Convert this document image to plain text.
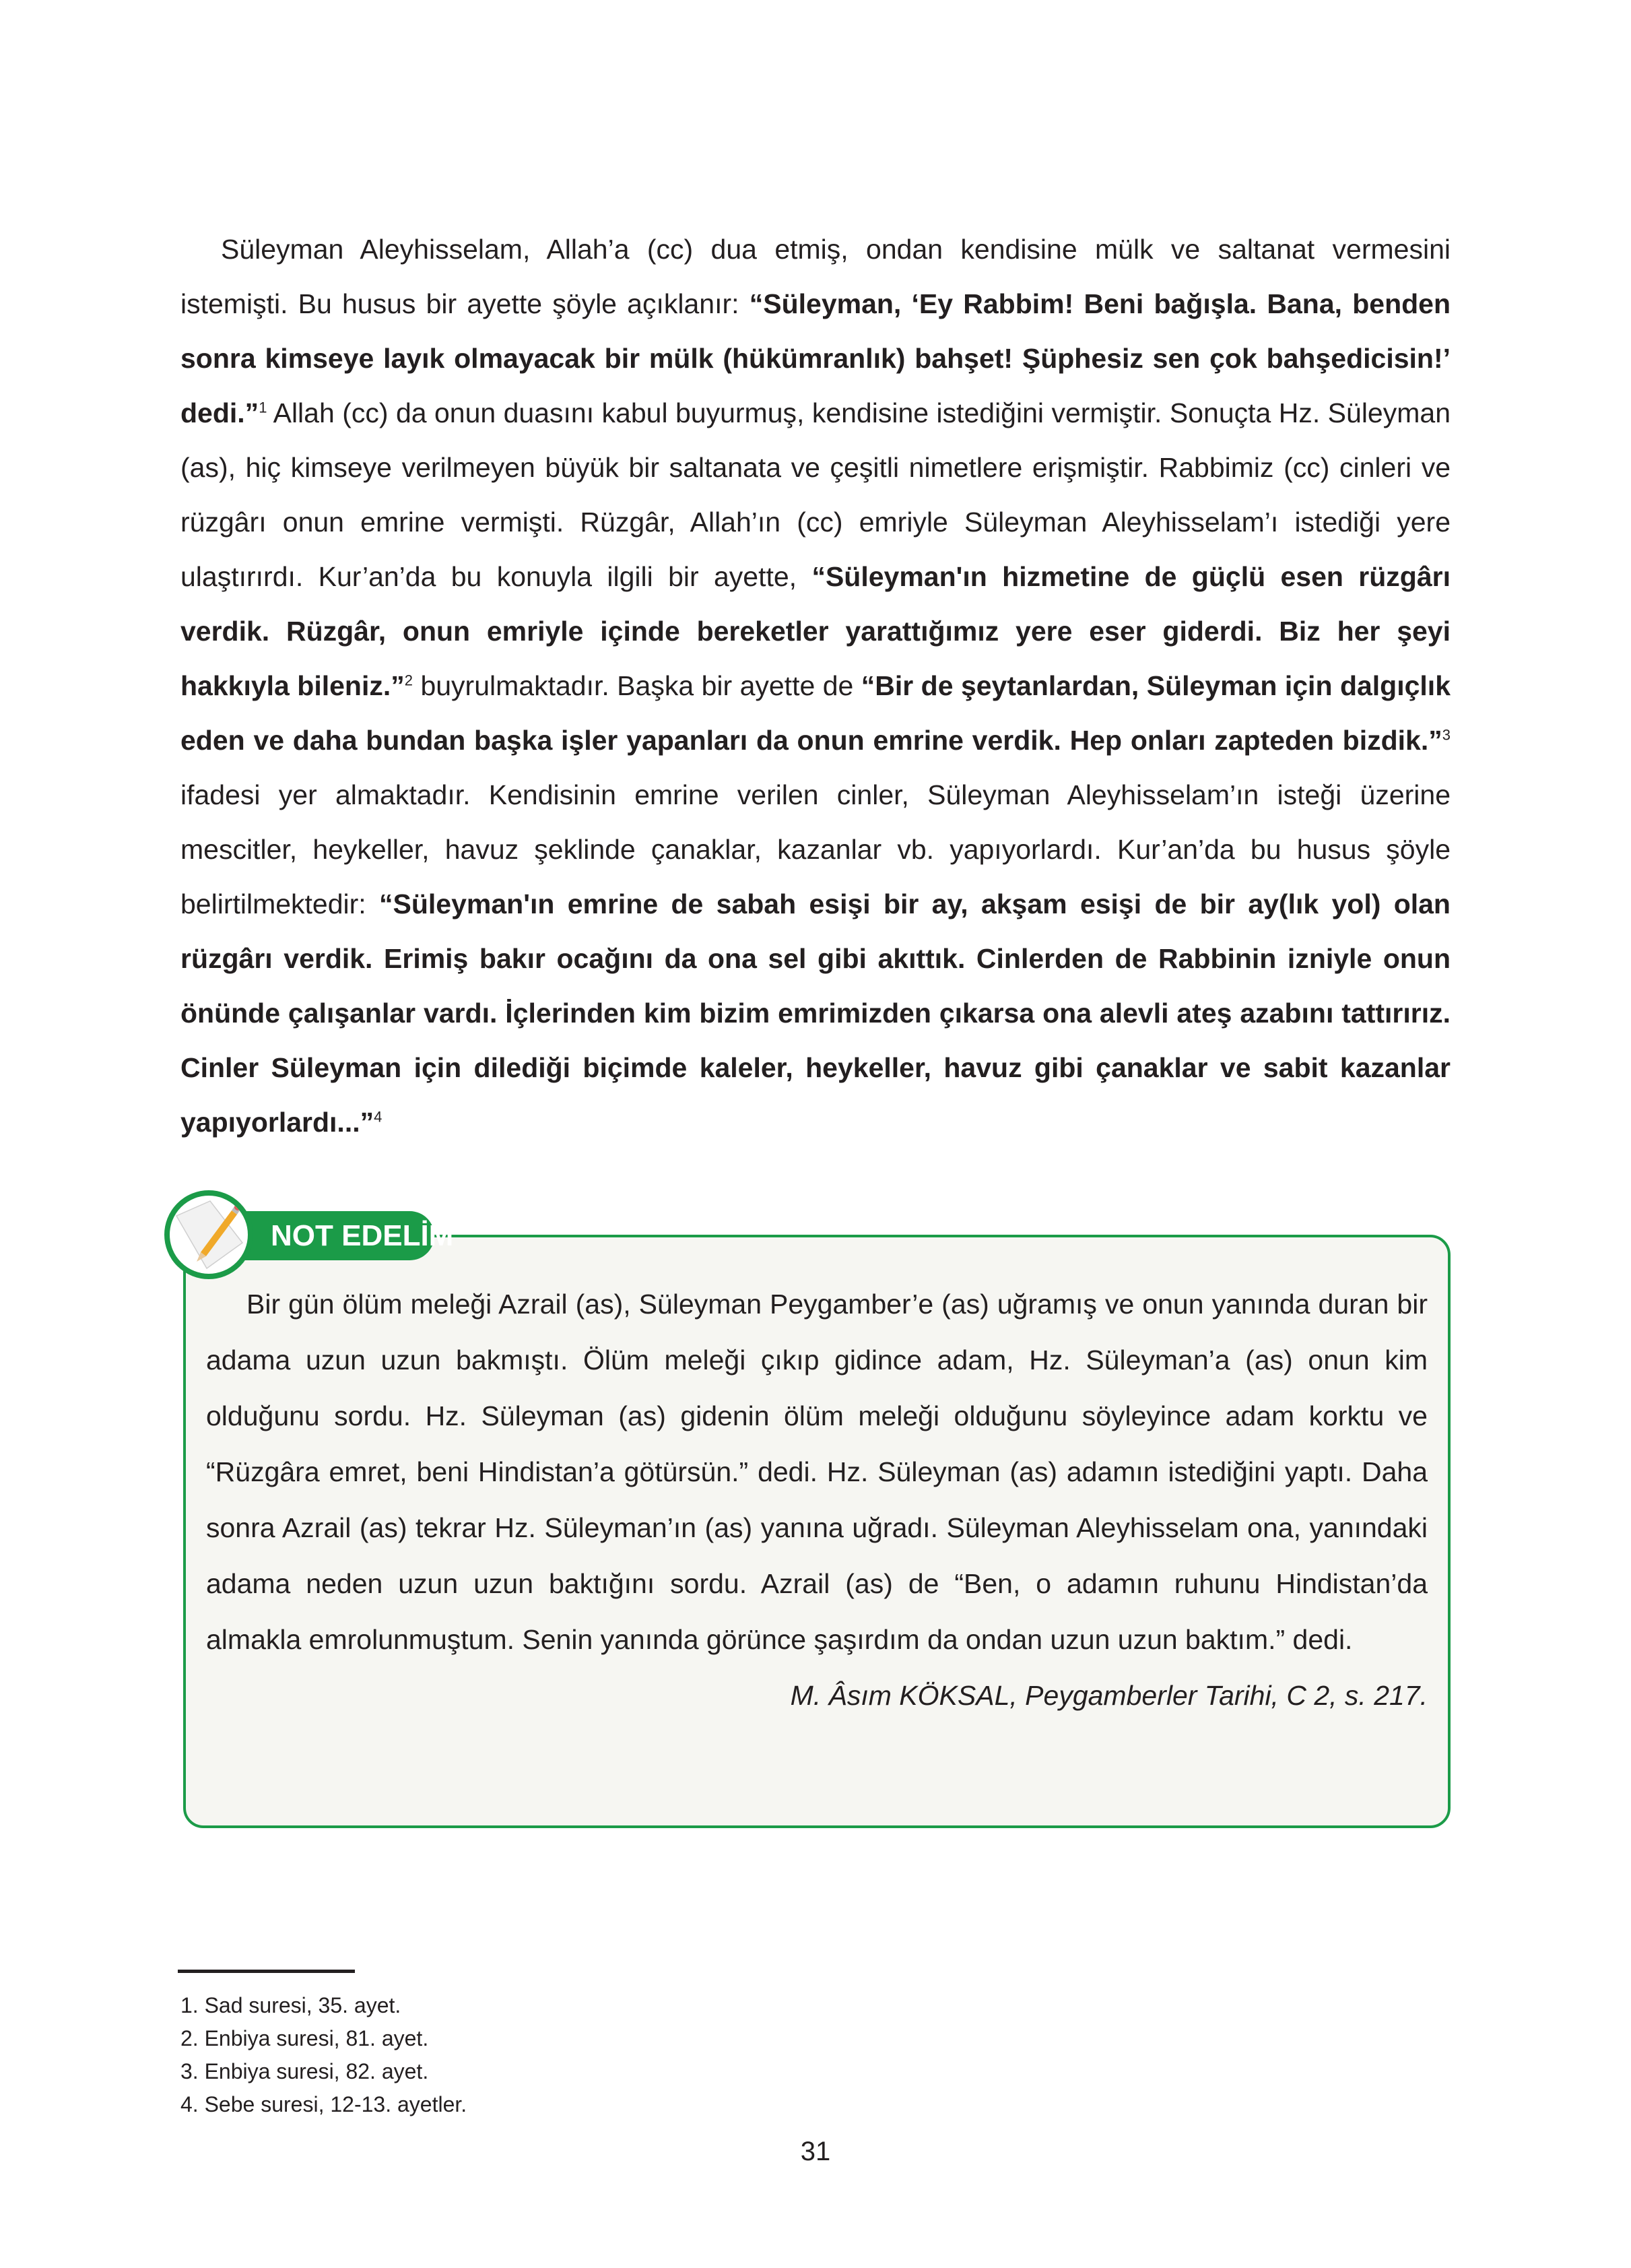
Süleyman Aleyhisselam, Allah’a (cc) dua etmiş, ondan kendisine mülk ve saltanat vermesini istemişti. Bu husus bir ayette şöyle açıklanır: “Süleyman, ‘Ey Rabbim! Beni bağışla. Bana, benden sonra kimseye layık olmayacak bir mülk (hükümranlık) bahşet! Şüphesiz sen çok bahşedicisin!’ dedi.”$^1$ Allah (cc) da onun duasını kabul buyurmuş, kendisine istediğini vermiştir. Sonuçta Hz. Süleyman (as), hiç kimseye verilmeyen büyük bir saltanata ve çeşitli nimetlere erişmiştir. Rabbimiz (cc) cinleri ve rüzgârı onun emrine vermişti. Rüzgâr, Allah’ın (cc) emriyle Süleyman Aleyhisselam’ı istediği yere ulaştırırdı. Kur’an’da bu konuyla ilgili bir ayette, “Süleyman'ın hizmetine de güçlü esen rüzgârı verdik. Rüzgâr, onun emriyle içinde bereketler yarattığımız yere eser giderdi. Biz her şeyi hakkıyla bileniz.”$^2$ buyrulmaktadır. Başka bir ayette de “Bir de şeytanlardan, Süleyman için dalgıçlık eden ve daha bundan başka işler yapanları da onun emrine verdik. Hep onları zapteden bizdik.”$^3$ ifadesi yer almaktadır. Kendisinin emrine verilen cinler, Süleyman Aleyhisselam’ın isteği üzerine mescitler, heykeller, havuz şeklinde çanaklar, kazanlar vb. yapıyorlardı. Kur’an’da bu husus şöyle belirtilmektedir: “Süleyman'ın emrine de sabah esişi bir ay, akşam esişi de bir ay(lık yol) olan rüzgârı verdik. Erimiş bakır ocağını da ona sel gibi akıttık. Cinlerden de Rabbinin izniyle onun önünde çalışanlar vardı. İçlerinden kim bizim emrimizden çıkarsa ona alevli ateş azabını tattırırız. Cinler Süleyman için dilediği biçimde kaleler, heykeller, havuz gibi çanaklar ve sabit kazanlar yapıyorlardı...”$^4$

Bir gün ölüm meleği Azrail (as), Süleyman Peygamber’e (as) uğramış ve onun yanında duran bir adama uzun uzun bakmıştı. Ölüm meleği çıkıp gidince adam, Hz. Süleyman’a (as) onun kim olduğunu sordu. Hz. Süleyman (as) gidenin ölüm meleği olduğunu söyleyince adam korktu ve “Rüzgâra emret, beni Hindistan’a götürsün.” dedi. Hz. Süleyman (as) adamın istediğini yaptı. Daha sonra Azrail (as) tekrar Hz. Süleyman’ın (as) yanına uğradı. Süleyman Aleyhisselam ona, yanındaki adama neden uzun uzun baktığını sordu. Azrail (as) de “Ben, o adamın ruhunu Hindistan’da almakla emrolunmuştum. Senin yanında görünce şaşırdım da ondan uzun uzun baktım.” dedi.
M. Âsım KÖKSAL, Peygamberler Tarihi, C 2, s. 217.
NOT EDELİM
1. Sad suresi, 35. ayet.
2. Enbiya suresi, 81. ayet.
3. Enbiya suresi, 82. ayet.
4. Sebe suresi, 12-13. ayetler.
31
